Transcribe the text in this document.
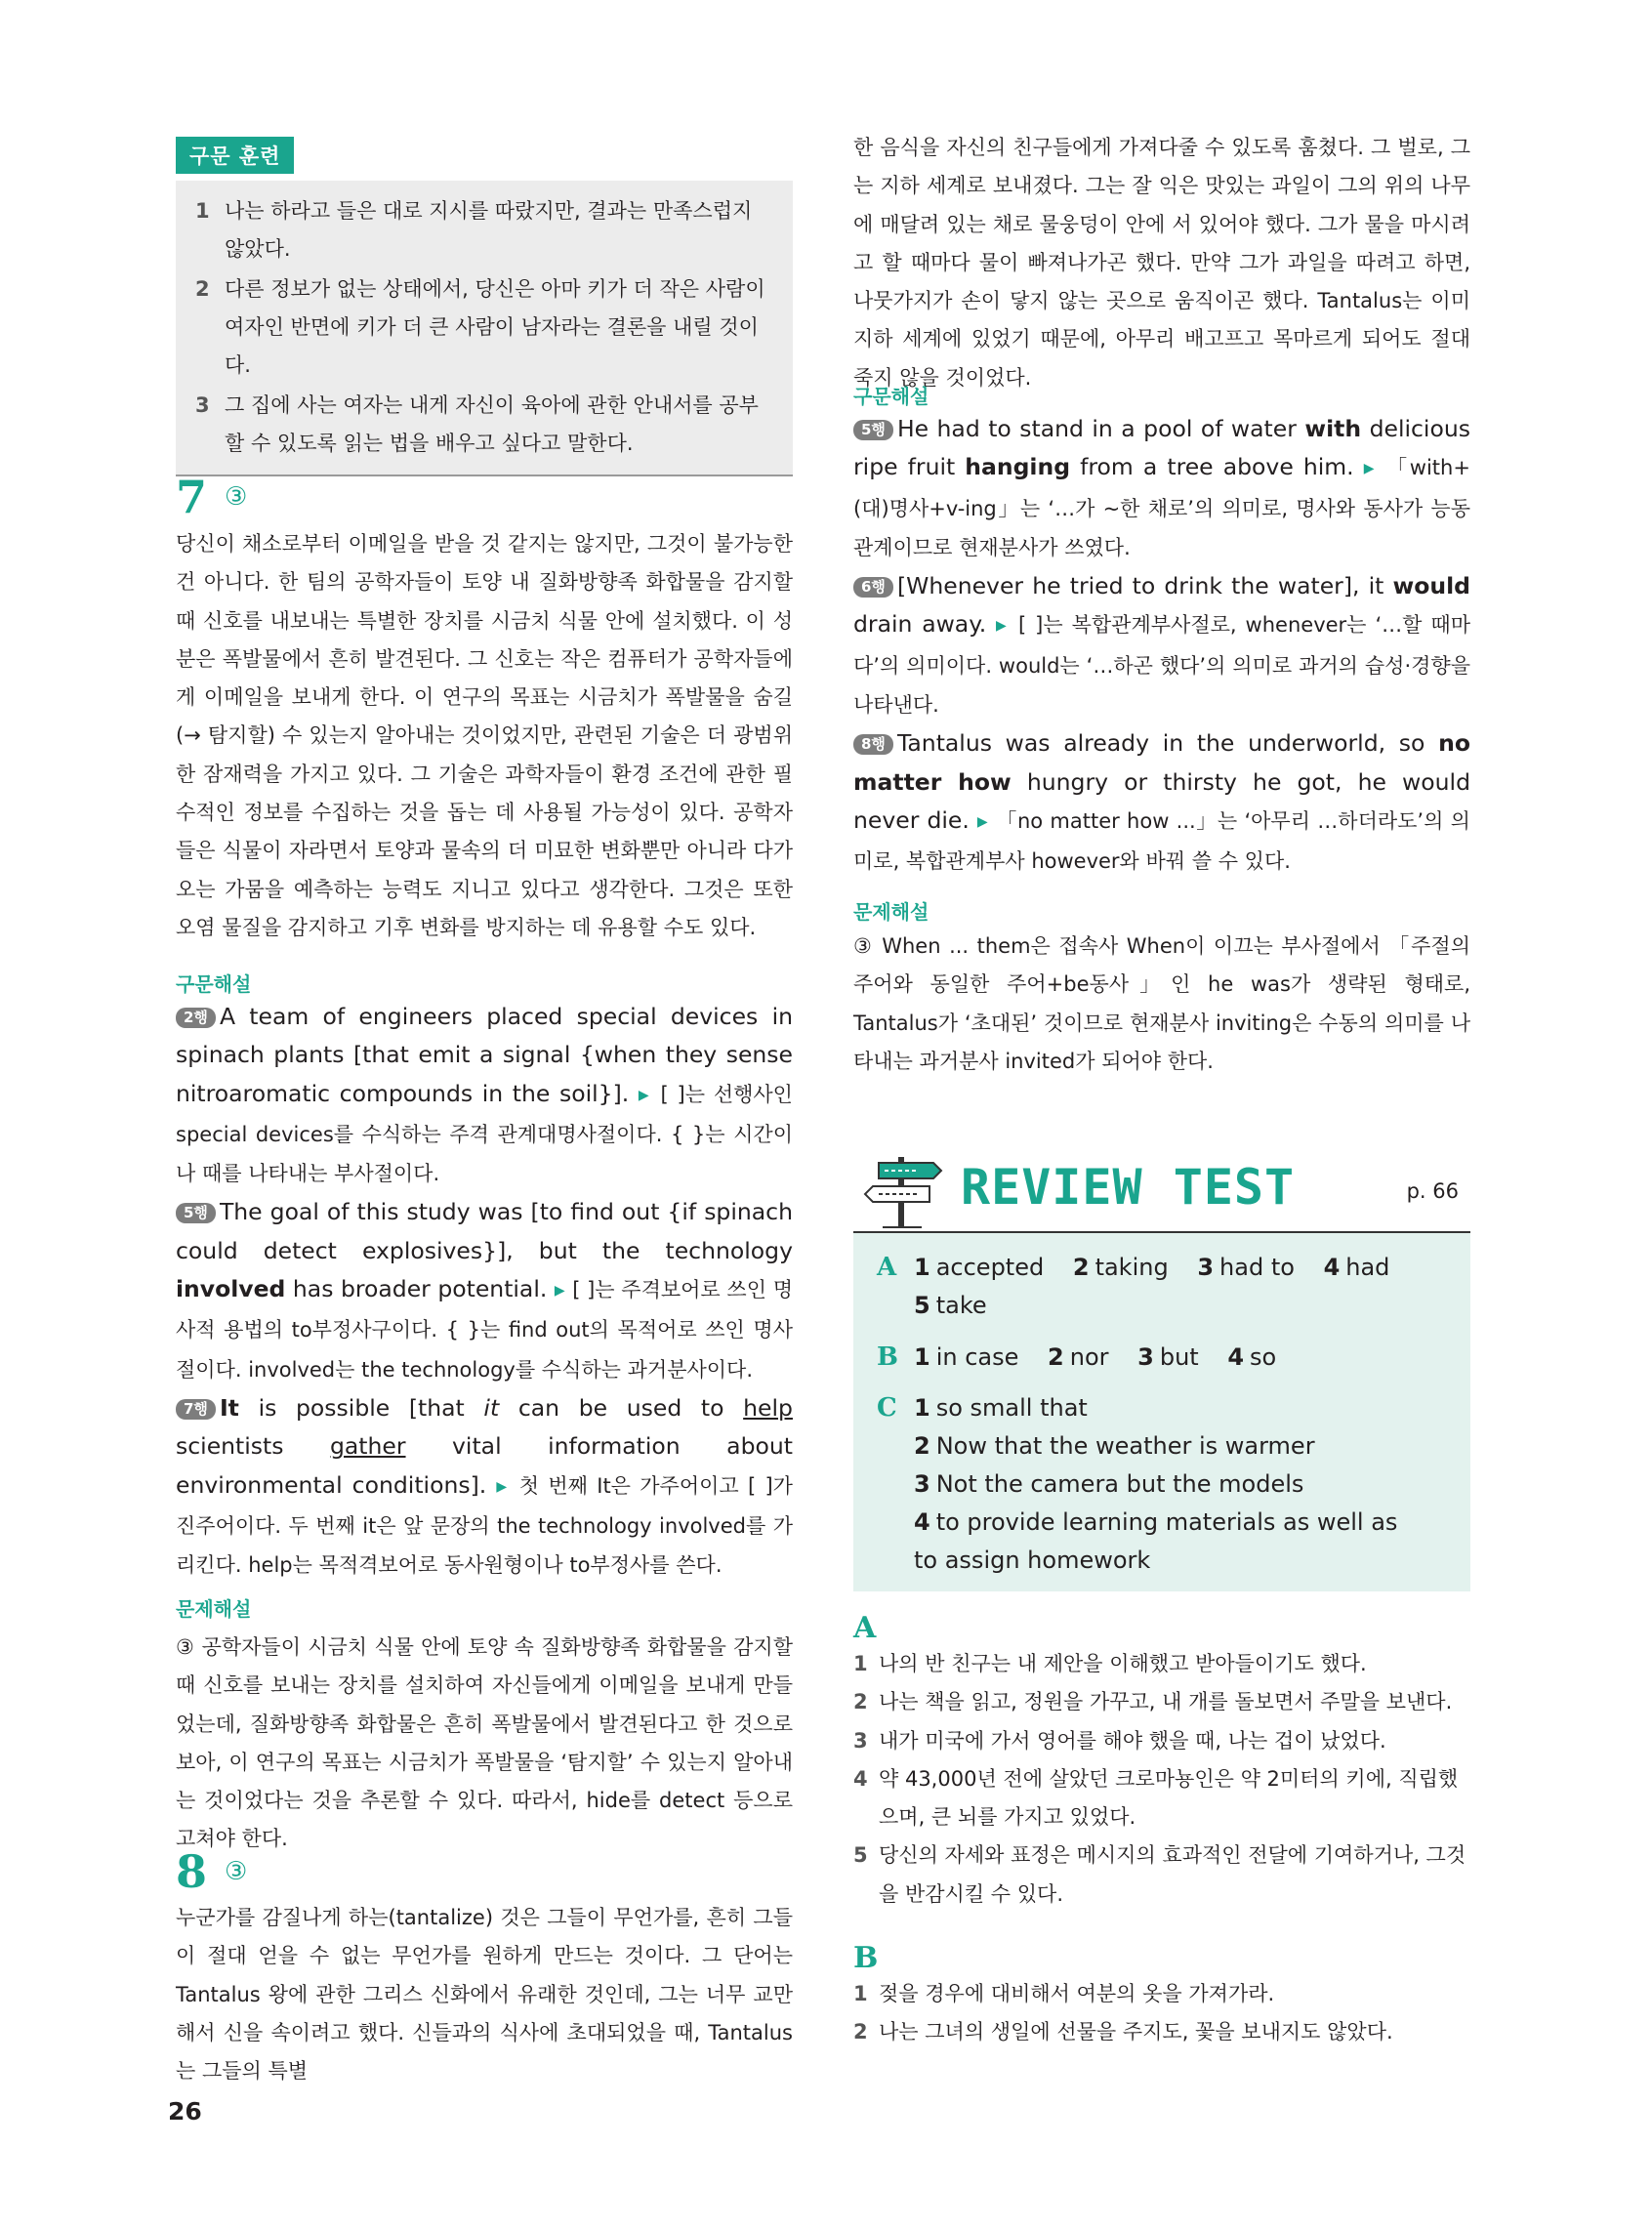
구문 훈련
1 나는 하라고 들은 대로 지시를 따랐지만, 결과는 만족스럽지 않았다.
2 다른 정보가 없는 상태에서, 당신은 아마 키가 더 작은 사람이 여자인 반면에 키가 더 큰 사람이 남자라는 결론을 내릴 것이다.
3 그 집에 사는 여자는 내게 자신이 육아에 관한 안내서를 공부할 수 있도록 읽는 법을 배우고 싶다고 말한다.
7 ③

당신이 채소로부터 이메일을 받을 것 같지는 않지만, 그것이 불가능한 건 아니다. 한 팀의 공학자들이 토양 내 질화방향족 화합물을 감지할 때 신호를 내보내는 특별한 장치를 시금치 식물 안에 설치했다. 이 성분은 폭발물에서 흔히 발견된다. 그 신호는 작은 컴퓨터가 공학자들에게 이메일을 보내게 한다. 이 연구의 목표는 시금치가 폭발물을 숨길(→ 탐지할) 수 있는지 알아내는 것이었지만, 관련된 기술은 더 광범위한 잠재력을 가지고 있다. 그 기술은 과학자들이 환경 조건에 관한 필수적인 정보를 수집하는 것을 돕는 데 사용될 가능성이 있다. 공학자들은 식물이 자라면서 토양과 물속의 더 미묘한 변화뿐만 아니라 다가오는 가뭄을 예측하는 능력도 지니고 있다고 생각한다. 그것은 또한 오염 물질을 감지하고 기후 변화를 방지하는 데 유용할 수도 있다.

구문해설

2행 A team of engineers placed special devices in spinach plants [that emit a signal {when they sense nitroaromatic compounds in the soil}]. ▶ [ ]는 선행사인 special devices를 수식하는 주격 관계대명사절이다. { }는 시간이나 때를 나타내는 부사절이다.

5행 The goal of this study was [to find out {if spinach could detect explosives}], but the technology involved has broader potential. ▶ [ ]는 주격보어로 쓰인 명사적 용법의 to부정사구이다. { }는 find out의 목적어로 쓰인 명사절이다. involved는 the technology를 수식하는 과거분사이다.

7행 It is possible [that it can be used to help scientists gather vital information about environmental conditions]. ▶ 첫 번째 It은 가주어이고 [ ]가 진주어이다. 두 번째 it은 앞 문장의 the technology involved를 가리킨다. help는 목적격보어로 동사원형이나 to부정사를 쓴다.

문제해설

③ 공학자들이 시금치 식물 안에 토양 속 질화방향족 화합물을 감지할 때 신호를 보내는 장치를 설치하여 자신들에게 이메일을 보내게 만들었는데, 질화방향족 화합물은 흔히 폭발물에서 발견된다고 한 것으로 보아, 이 연구의 목표는 시금치가 폭발물을 ‘탐지할’ 수 있는지 알아내는 것이었다는 것을 추론할 수 있다. 따라서, hide를 detect 등으로 고쳐야 한다.

8 ③

누군가를 감질나게 하는(tantalize) 것은 그들이 무언가를, 흔히 그들이 절대 얻을 수 없는 무언가를 원하게 만드는 것이다. 그 단어는 Tantalus 왕에 관한 그리스 신화에서 유래한 것인데, 그는 너무 교만해서 신을 속이려고 했다. 신들과의 식사에 초대되었을 때, Tantalus는 그들의 특별

한 음식을 자신의 친구들에게 가져다줄 수 있도록 훔쳤다. 그 벌로, 그는 지하 세계로 보내졌다. 그는 잘 익은 맛있는 과일이 그의 위의 나무에 매달려 있는 채로 물웅덩이 안에 서 있어야 했다. 그가 물을 마시려고 할 때마다 물이 빠져나가곤 했다. 만약 그가 과일을 따려고 하면, 나뭇가지가 손이 닿지 않는 곳으로 움직이곤 했다. Tantalus는 이미 지하 세계에 있었기 때문에, 아무리 배고프고 목마르게 되어도 절대 죽지 않을 것이었다.

구문해설

5행 He had to stand in a pool of water with delicious ripe fruit hanging from a tree above him. ▶ 「with+(대)명사+v-ing」는 ‘…가 ~한 채로’의 의미로, 명사와 동사가 능동 관계이므로 현재분사가 쓰였다.

6행 [Whenever he tried to drink the water], it would drain away. ▶ [ ]는 복합관계부사절로, whenever는 ‘…할 때마다’의 의미이다. would는 ‘…하곤 했다’의 의미로 과거의 습성·경향을 나타낸다.

8행 Tantalus was already in the underworld, so no matter how hungry or thirsty he got, he would never die. ▶ 「no matter how ...」는 ‘아무리 …하더라도’의 의미로, 복합관계부사 however와 바꿔 쓸 수 있다.

문제해설

③ When ... them은 접속사 When이 이끄는 부사절에서 「주절의 주어와 동일한 주어+be동사」인 he was가 생략된 형태로, Tantalus가 ‘초대된’ 것이므로 현재분사 inviting은 수동의 의미를 나타내는 과거분사 invited가 되어야 한다.

REVIEW TEST	p. 66
A 1 accepted 2 taking 3 had to 4 had
5 take
B 1 in case 2 nor 3 but 4 so
C 1 so small that
2 Now that the weather is warmer
3 Not the camera but the models
4 to provide learning materials as well as to assign homework
A
1 나의 반 친구는 내 제안을 이해했고 받아들이기도 했다.
2 나는 책을 읽고, 정원을 가꾸고, 내 개를 돌보면서 주말을 보낸다.
3 내가 미국에 가서 영어를 해야 했을 때, 나는 겁이 났었다.
4 약 43,000년 전에 살았던 크로마뇽인은 약 2미터의 키에, 직립했으며, 큰 뇌를 가지고 있었다.
5 당신의 자세와 표정은 메시지의 효과적인 전달에 기여하거나, 그것을 반감시킬 수 있다.
B
1 젖을 경우에 대비해서 여분의 옷을 가져가라.
2 나는 그녀의 생일에 선물을 주지도, 꽃을 보내지도 않았다.
26
